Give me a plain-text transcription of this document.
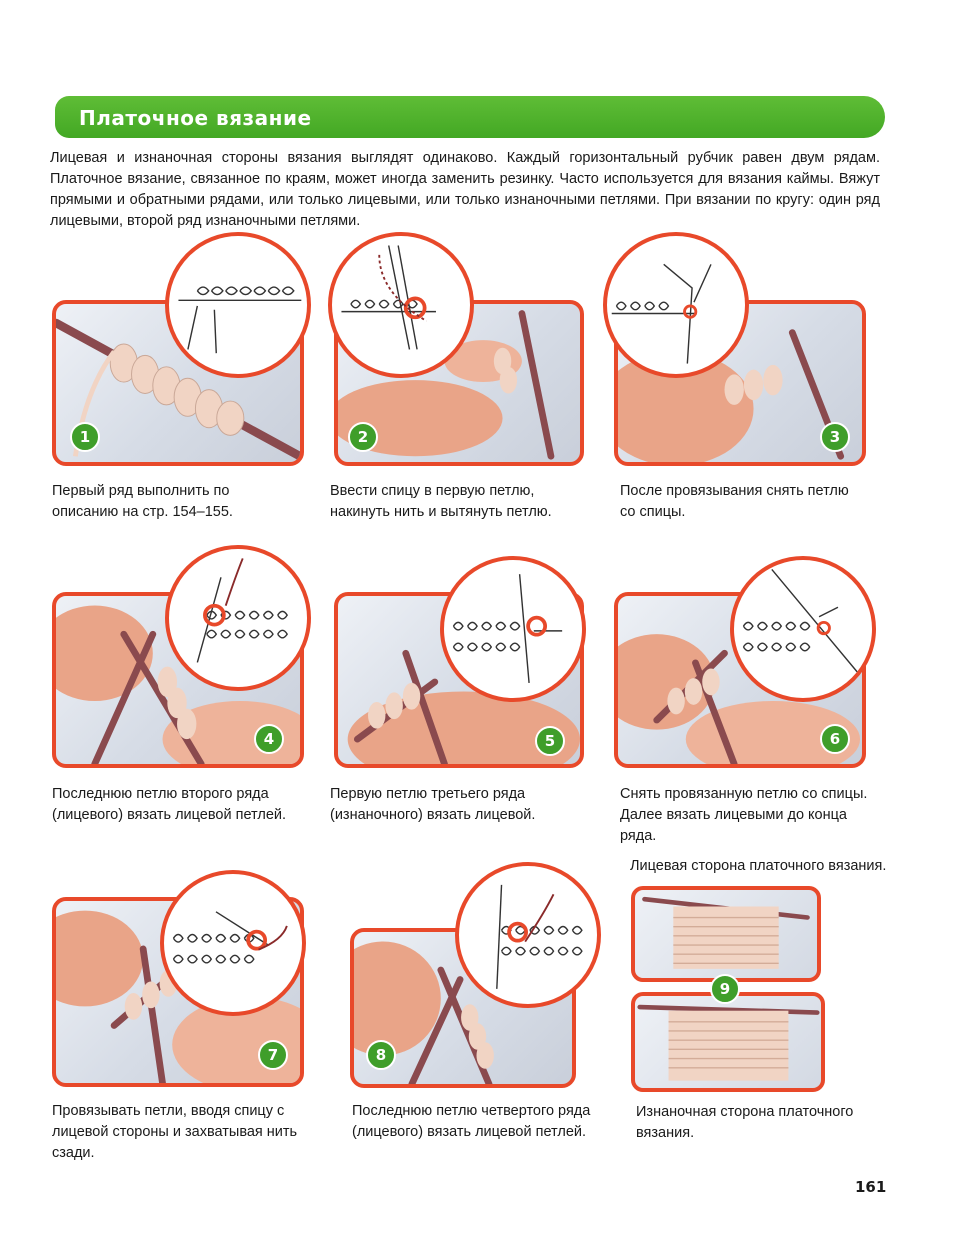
Платочное вязание
Лицевая и изнаночная стороны вязания выглядят одинаково. Каждый горизонтальный рубчик равен двум рядам. Платочное вязание, связанное по краям, может иногда заменить резинку. Часто используется для вязания каймы. Вяжут прямыми и обратными рядами, или только лицевыми, или только изнаночными петлями. При вязании по кругу: один ряд лицевыми, второй ряд изнаночными петлями.
1
Первый ряд выполнить по описанию на стр. 154–155.
2
Ввести спицу в первую петлю, накинуть нить и вытянуть петлю.
3
После провязывания снять петлю со спицы.
4
Последнюю петлю второго ряда (лицевого) вязать лицевой петлей.
5
Первую петлю третьего ряда (изнаночного) вязать лицевой.
6
Снять провязанную петлю со спицы. Далее вязать лицевыми до конца ряда.
7
Провязывать петли, вводя спицу с лицевой стороны и захватывая нить сзади.
8
Последнюю петлю четвертого ряда (лицевого) вязать лицевой петлей.
Лицевая сторона платочного вязания.
9
Изнаночная сторона платочного вязания.
161
